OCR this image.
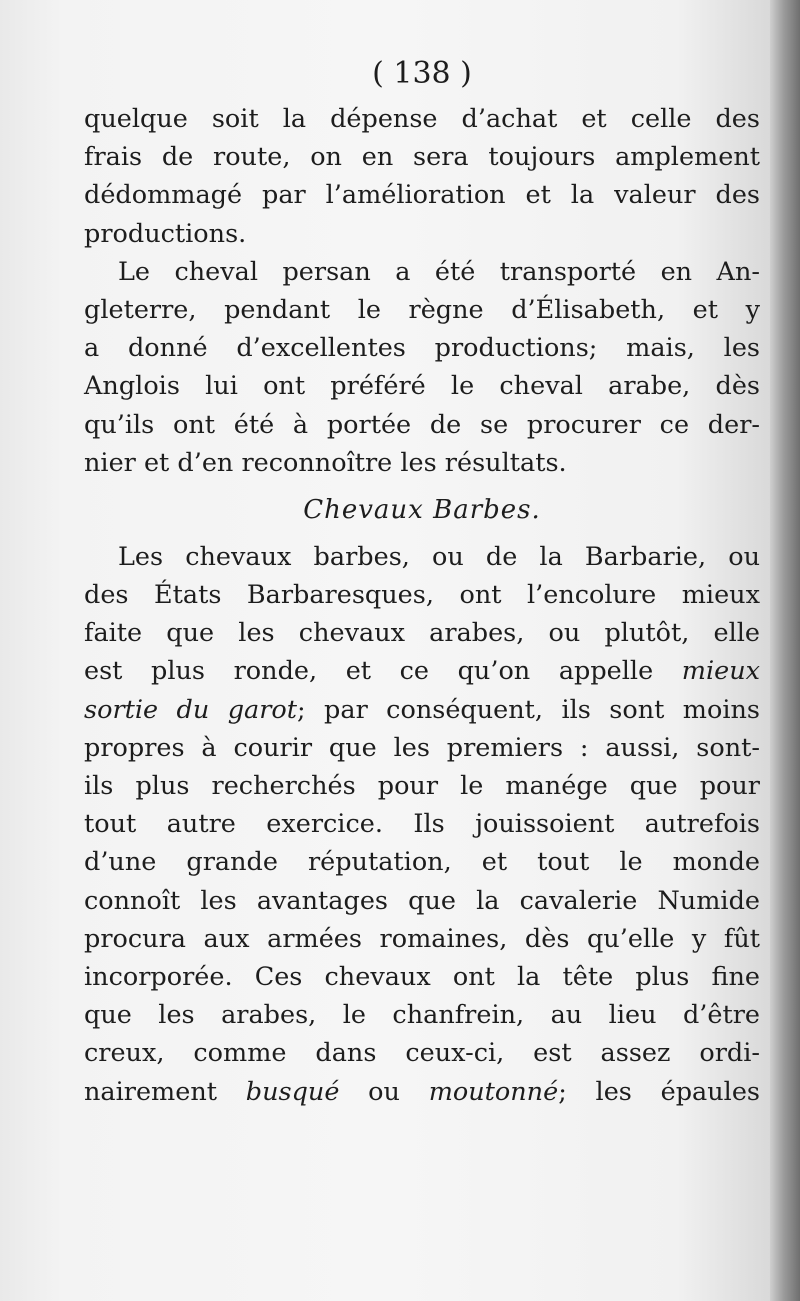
( 138 )
quelque soit la dépense d’achat et celle des
frais de route, on en sera toujours amplement
dédommagé par l’amélioration et la valeur des
productions.
Le cheval persan a été transporté en An-
gleterre, pendant le règne d’Élisabeth, et y
a donné d’excellentes productions; mais, les
Anglois lui ont préféré le cheval arabe, dès
qu’ils ont été à portée de se procurer ce der-
nier et d’en reconnoître les résultats.
Chevaux Barbes.
Les chevaux barbes, ou de la Barbarie, ou
des États Barbaresques, ont l’encolure mieux
faite que les chevaux arabes, ou plutôt, elle
est plus ronde, et ce qu’on appelle mieux
sortie du garot; par conséquent, ils sont moins
propres à courir que les premiers : aussi, sont-
ils plus recherchés pour le manége que pour
tout autre exercice. Ils jouissoient autrefois
d’une grande réputation, et tout le monde
connoît les avantages que la cavalerie Numide
procura aux armées romaines, dès qu’elle y fût
incorporée. Ces chevaux ont la tête plus fine
que les arabes, le chanfrein, au lieu d’être
creux, comme dans ceux-ci, est assez ordi-
nairement busqué ou moutonné; les épaules
